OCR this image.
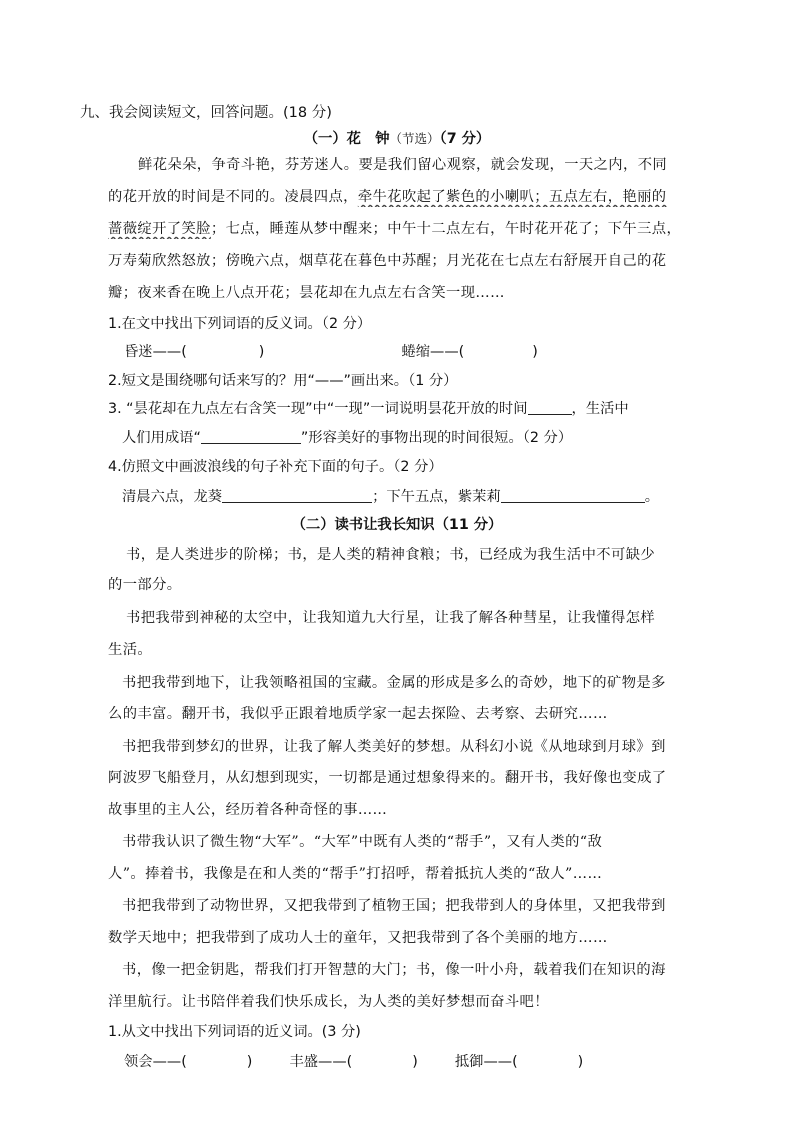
九、我会阅读短文，回答问题。(18 分)
（一）花　钟（节选）（7 分）
鲜花朵朵，争奇斗艳，芬芳迷人。要是我们留心观察，就会发现，一天之内，不同
的花开放的时间是不同的。凌晨四点，牵牛花吹起了紫色的小喇叭；五点左右，艳丽的
蔷薇绽开了笑脸；七点，睡莲从梦中醒来；中午十二点左右，午时花开花了；下午三点，
万寿菊欣然怒放；傍晚六点，烟草花在暮色中苏醒；月光花在七点左右舒展开自己的花
瓣；夜来香在晚上八点开花；昙花却在九点左右含笑一现……
1.在文中找出下列词语的反义词。（2 分）
昏迷——(	)	蜷缩——(	)
2.短文是围绕哪句话来写的？用“——”画出来。（1 分）
3. “昙花却在九点左右含笑一现”中“一现”一词说明昙花开放的时间	，生活中
人们用成语“	”形容美好的事物出现的时间很短。（2 分）
4.仿照文中画波浪线的句子补充下面的句子。（2 分）
清晨六点，龙葵	；下午五点，紫茉莉	。
（二）读书让我长知识（11 分）
书，是人类进步的阶梯；书，是人类的精神食粮；书，已经成为我生活中不可缺少
的一部分。
书把我带到神秘的太空中，让我知道九大行星，让我了解各种彗星，让我懂得怎样
生活。
书把我带到地下，让我领略祖国的宝藏。金属的形成是多么的奇妙，地下的矿物是多
么的丰富。翻开书，我似乎正跟着地质学家一起去探险、去考察、去研究……
书把我带到梦幻的世界，让我了解人类美好的梦想。从科幻小说《从地球到月球》到
阿波罗飞船登月，从幻想到现实，一切都是通过想象得来的。翻开书，我好像也变成了
故事里的主人公，经历着各种奇怪的事……
书带我认识了微生物“大军”。“大军”中既有人类的“帮手”，又有人类的“敌
人”。捧着书，我像是在和人类的“帮手”打招呼，帮着抵抗人类的“敌人”……
书把我带到了动物世界，又把我带到了植物王国；把我带到人的身体里，又把我带到
数学天地中；把我带到了成功人士的童年，又把我带到了各个美丽的地方……
书，像一把金钥匙，帮我们打开智慧的大门；书，像一叶小舟，载着我们在知识的海
洋里航行。让书陪伴着我们快乐成长，为人类的美好梦想而奋斗吧！
1.从文中找出下列词语的近义词。(3 分)
领会——(	)	丰盛——(	)	抵御——(	)
